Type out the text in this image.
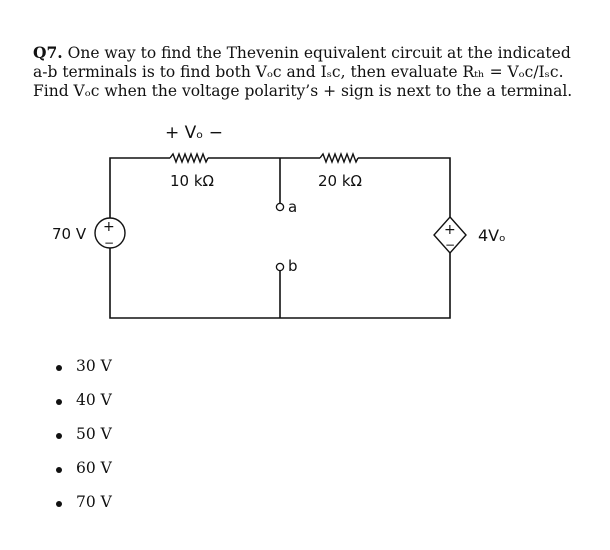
Q7. One way to find the Thevenin equivalent circuit at the indicated a-b terminals is to find both Vₒc and Iₛc, then evaluate Rₜₕ = Vₒc/Iₛc. Find Vₒc when the voltage polarity’s + sign is next to the a terminal.
+ Vₒ −
10 kΩ	20 kΩ
+
−
70 V
a
b
+
− 4Vₒ
30 V
40 V
50 V
60 V
70 V
